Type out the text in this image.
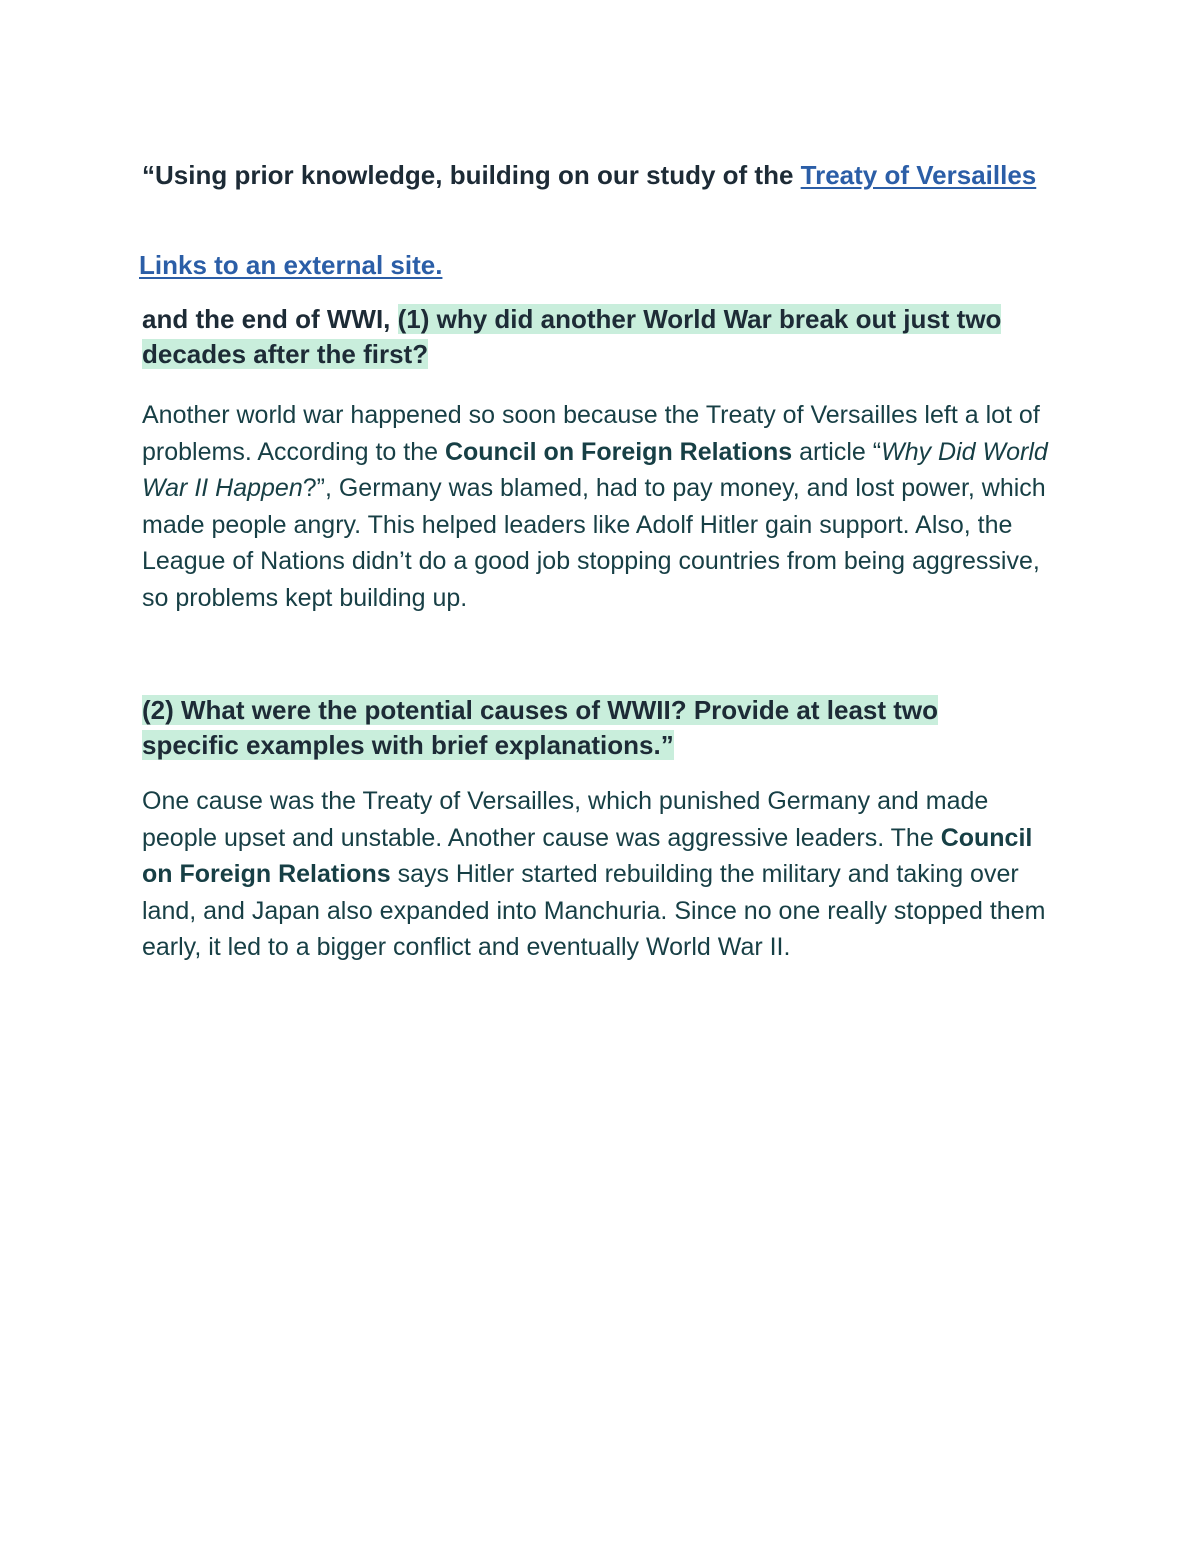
“Using prior knowledge, building on our study of the Treaty of Versailles
Links to an external site.
and the end of WWI, (1) why did another World War break out just two decades after the first?
Another world war happened so soon because the Treaty of Versailles left a lot of problems. According to the Council on Foreign Relations article “Why Did World War II Happen?”, Germany was blamed, had to pay money, and lost power, which made people angry. This helped leaders like Adolf Hitler gain support. Also, the League of Nations didn’t do a good job stopping countries from being aggressive, so problems kept building up.
(2) What were the potential causes of WWII? Provide at least two specific examples with brief explanations.”
One cause was the Treaty of Versailles, which punished Germany and made people upset and unstable. Another cause was aggressive leaders. The Council on Foreign Relations says Hitler started rebuilding the military and taking over land, and Japan also expanded into Manchuria. Since no one really stopped them early, it led to a bigger conflict and eventually World War II.
